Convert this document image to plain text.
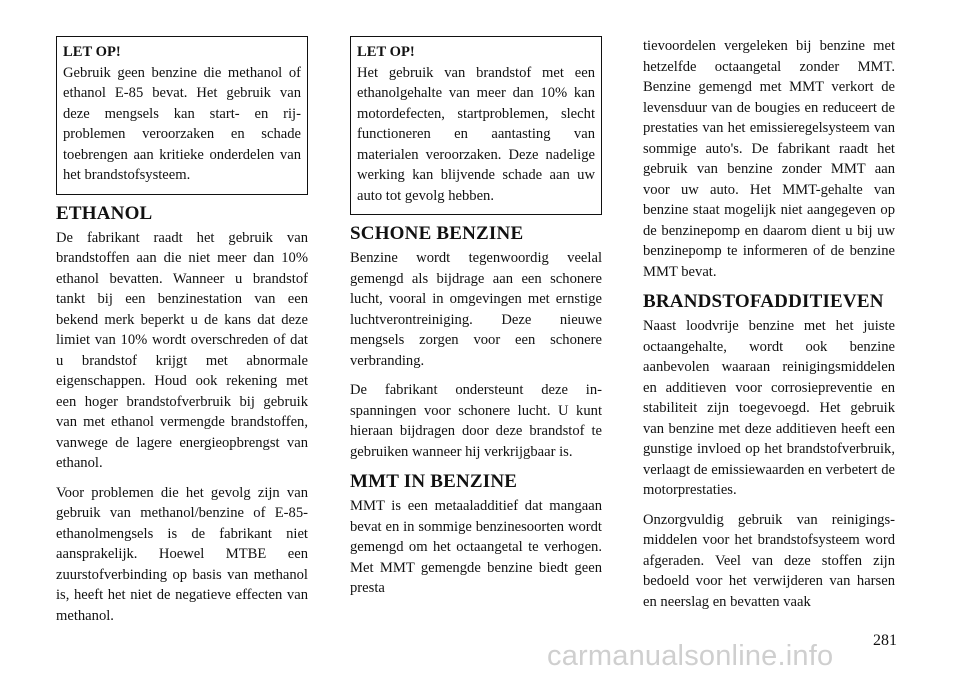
LET OP!
Gebruik geen benzine die methanol of ethanol E-85 bevat. Het gebruik van deze mengsels kan start- en rijproblemen veroorzaken en schade toebrengen aan kritieke onderdelen van het brandstofsysteem.
ETHANOL

De fabrikant raadt het gebruik van brandstoffen aan die niet meer dan 10% ethanol bevatten. Wanneer u brandstof tankt bij een benzinestation van een bekend merk beperkt u de kans dat deze limiet van 10% wordt overschreden of dat u brandstof krijgt met abnormale eigenschappen. Houd ook rekening met een hoger brandstofverbruik bij gebruik van met ethanol vermengde brandstoffen, vanwege de lagere energieopbrengst van ethanol.

Voor problemen die het gevolg zijn van gebruik van methanol/benzine of E-85-ethanolmengsels is de fabrikant niet aansprakelijk. Hoewel MTBE een zuurstofverbinding op basis van methanol is, heeft het niet de negatieve effecten van methanol.

LET OP!
Het gebruik van brandstof met een ethanolgehalte van meer dan 10% kan motordefecten, startproblemen, slecht functioneren en aantasting van materialen veroorzaken. Deze nadelige werking kan blijvende schade aan uw auto tot gevolg hebben.
SCHONE BENZINE

Benzine wordt tegenwoordig veelal gemengd als bijdrage aan een schonere lucht, vooral in omgevingen met ernstige luchtverontreiniging. Deze nieuwe mengsels zorgen voor een schonere verbranding.

De fabrikant ondersteunt deze inspanningen voor schonere lucht. U kunt hieraan bijdragen door deze brandstof te gebruiken wanneer hij verkrijgbaar is.

MMT IN BENZINE

MMT is een metaaladditief dat mangaan bevat en in sommige benzinesoorten wordt gemengd om het octaangetal te verhogen. Met MMT gemengde benzine biedt geen presta

tievoordelen vergeleken bij benzine met hetzelfde octaangetal zonder MMT. Benzine gemengd met MMT verkort de levensduur van de bougies en reduceert de prestaties van het emissieregelsysteem van sommige auto's. De fabrikant raadt het gebruik van benzine zonder MMT aan voor uw auto. Het MMT-gehalte van benzine staat mogelijk niet aangegeven op de benzinepomp en daarom dient u bij uw benzinepomp te informeren of de benzine MMT bevat.

BRANDSTOFADDITIEVEN

Naast loodvrije benzine met het juiste octaangehalte, wordt ook benzine aanbevolen waaraan reinigingsmiddelen en additieven voor corrosiepreventie en stabiliteit zijn toegevoegd. Het gebruik van benzine met deze additieven heeft een gunstige invloed op het brandstofverbruik, verlaagt de emissiewaarden en verbetert de motorprestaties.

Onzorgvuldig gebruik van reinigingsmiddelen voor het brandstofsysteem word afgeraden. Veel van deze stoffen zijn bedoeld voor het verwijderen van harsen en neerslag en bevatten vaak

281
carmanualsonline.info
